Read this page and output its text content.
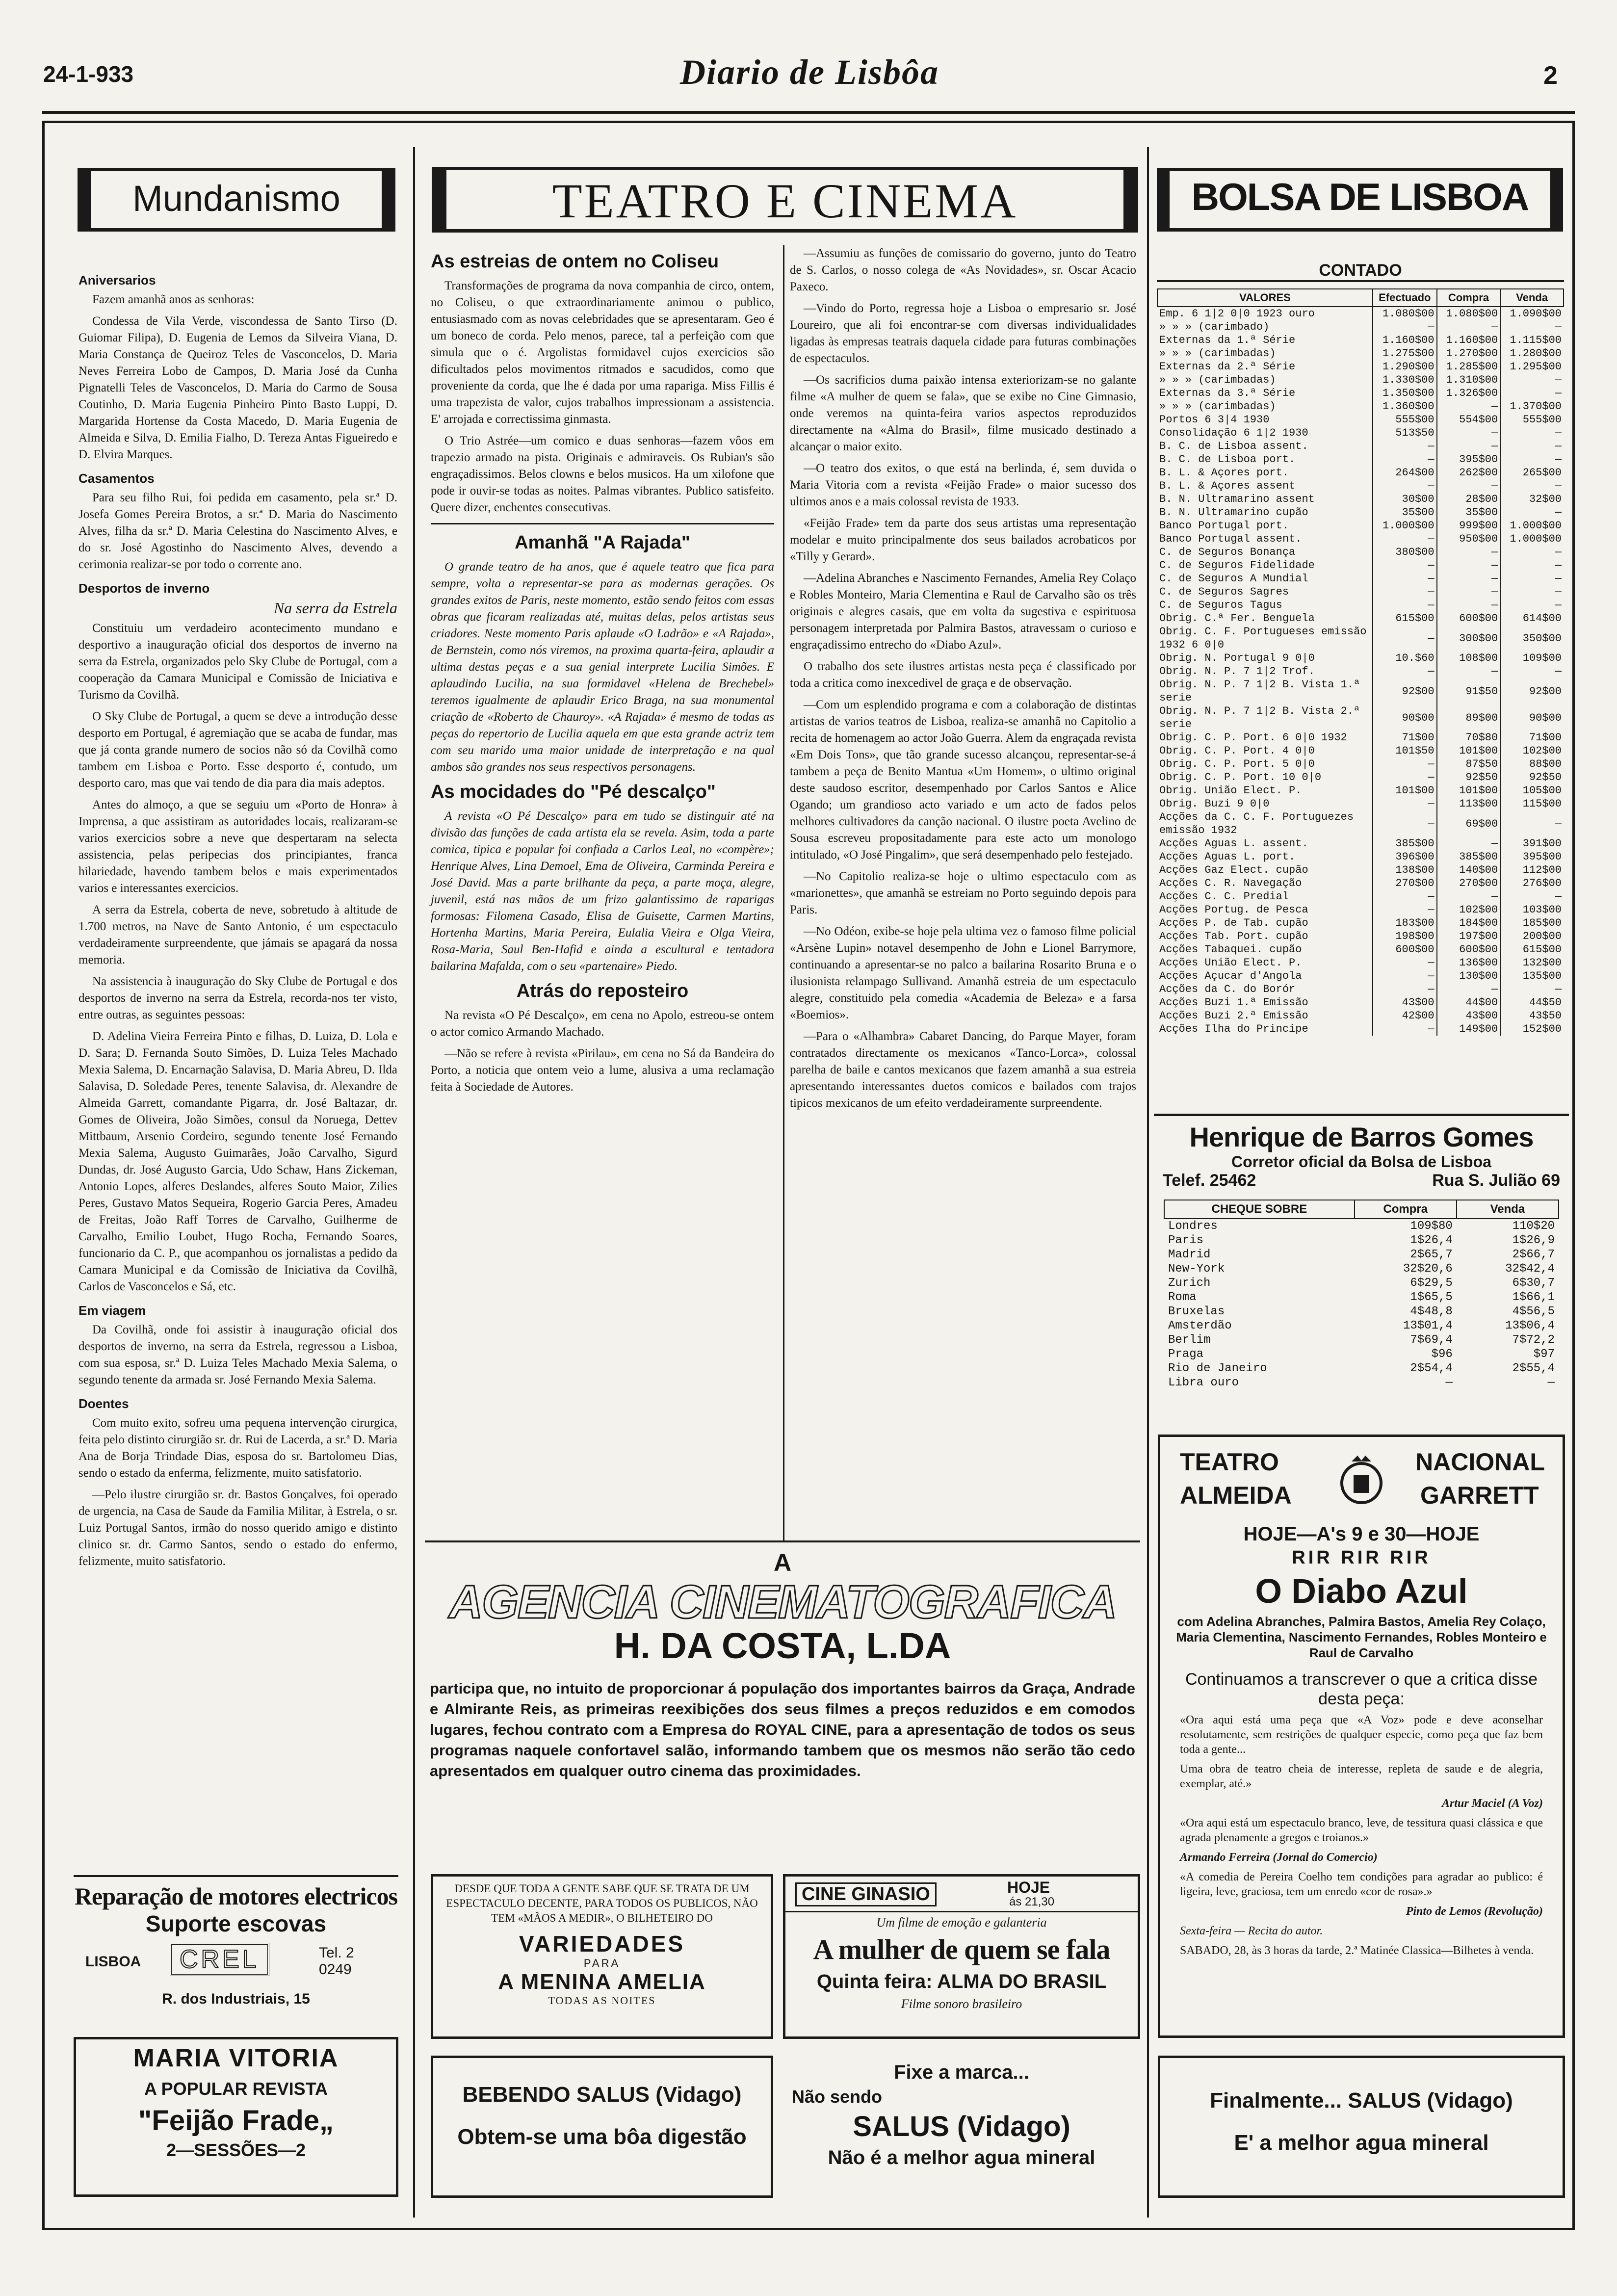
24-1-933	Diario de Lisbôa	2
Mundanismo
Aniversarios

Fazem amanhã anos as senhoras:

Condessa de Vila Verde, viscondessa de Santo Tirso (D. Guiomar Filipa), D. Eugenia de Lemos da Silveira Viana, D. Maria Constança de Queiroz Teles de Vasconcelos, D. Maria Neves Ferreira Lobo de Campos, D. Maria José da Cunha Pignatelli Teles de Vasconcelos, D. Maria do Carmo de Sousa Coutinho, D. Maria Eugenia Pinheiro Pinto Basto Luppi, D. Margarida Hortense da Costa Macedo, D. Maria Eugenia de Almeida e Silva, D. Emilia Fialho, D. Tereza Antas Figueiredo e D. Elvira Marques.

Casamentos

Para seu filho Rui, foi pedida em casamento, pela sr.ª D. Josefa Gomes Pereira Brotos, a sr.ª D. Maria do Nascimento Alves, filha da sr.ª D. Maria Celestina do Nascimento Alves, e do sr. José Agostinho do Nascimento Alves, devendo a cerimonia realizar-se por todo o corrente ano.

Desportos de inverno
Na serra da Estrela

Constituiu um verdadeiro acontecimento mundano e desportivo a inauguração oficial dos desportos de inverno na serra da Estrela, organizados pelo Sky Clube de Portugal, com a cooperação da Camara Municipal e Comissão de Iniciativa e Turismo da Covilhã.

O Sky Clube de Portugal, a quem se deve a introdução desse desporto em Portugal, é agremiação que se acaba de fundar, mas que já conta grande numero de socios não só da Covilhã como tambem em Lisboa e Porto. Esse desporto é, contudo, um desporto caro, mas que vai tendo de dia para dia mais adeptos.

Antes do almoço, a que se seguiu um «Porto de Honra» à Imprensa, a que assistiram as autoridades locais, realizaram-se varios exercicios sobre a neve que despertaram na selecta assistencia, pelas peripecias dos principiantes, franca hilariedade, havendo tambem belos e mais experimentados varios e interessantes exercicios.

A serra da Estrela, coberta de neve, sobretudo à altitude de 1.700 metros, na Nave de Santo Antonio, é um espectaculo verdadeiramente surpreendente, que jámais se apagará da nossa memoria.

Na assistencia à inauguração do Sky Clube de Portugal e dos desportos de inverno na serra da Estrela, recorda-nos ter visto, entre outras, as seguintes pessoas:

D. Adelina Vieira Ferreira Pinto e filhas, D. Luiza, D. Lola e D. Sara; D. Fernanda Souto Simões, D. Luiza Teles Machado Mexia Salema, D. Encarnação Salavisa, D. Maria Abreu, D. Ilda Salavisa, D. Soledade Peres, tenente Salavisa, dr. Alexandre de Almeida Garrett, comandante Pigarra, dr. José Baltazar, dr. Gomes de Oliveira, João Simões, consul da Noruega, Dettev Mittbaum, Arsenio Cordeiro, segundo tenente José Fernando Mexia Salema, Augusto Guimarães, João Carvalho, Sigurd Dundas, dr. José Augusto Garcia, Udo Schaw, Hans Zickeman, Antonio Lopes, alferes Deslandes, alferes Souto Maior, Zilies Peres, Gustavo Matos Sequeira, Rogerio Garcia Peres, Amadeu de Freitas, João Raff Torres de Carvalho, Guilherme de Carvalho, Emilio Loubet, Hugo Rocha, Fernando Soares, funcionario da C. P., que acompanhou os jornalistas a pedido da Camara Municipal e da Comissão de Iniciativa da Covilhã, Carlos de Vasconcelos e Sá, etc.

Em viagem

Da Covilhã, onde foi assistir à inauguração oficial dos desportos de inverno, na serra da Estrela, regressou a Lisboa, com sua esposa, sr.ª D. Luiza Teles Machado Mexia Salema, o segundo tenente da armada sr. José Fernando Mexia Salema.

Doentes

Com muito exito, sofreu uma pequena intervenção cirurgica, feita pelo distinto cirurgião sr. dr. Rui de Lacerda, a sr.ª D. Maria Ana de Borja Trindade Dias, esposa do sr. Bartolomeu Dias, sendo o estado da enferma, felizmente, muito satisfatorio.

—Pelo ilustre cirurgião sr. dr. Bastos Gonçalves, foi operado de urgencia, na Casa de Saude da Familia Militar, à Estrela, o sr. Luiz Portugal Santos, irmão do nosso querido amigo e distinto clinico sr. dr. Carmo Santos, sendo o estado do enfermo, felizmente, muito satisfatorio.

Reparação de motores electricos
Suporte escovas
LISBOA	CREL	Tel. 2 0249
R. dos Industriais, 15
MARIA VITORIA
A POPULAR REVISTA
"Feijão Frade„
2—SESSÕES—2
TEATRO E CINEMA
As estreias de ontem no Coliseu

Transformações de programa da nova companhia de circo, ontem, no Coliseu, o que extraordinariamente animou o publico, entusiasmado com as novas celebridades que se apresentaram. Geo é um boneco de corda. Pelo menos, parece, tal a perfeição com que simula que o é. Argolistas formidavel cujos exercicios são dificultados pelos movimentos ritmados e sacudidos, como que proveniente da corda, que lhe é dada por uma rapariga. Miss Fillis é uma trapezista de valor, cujos trabalhos impressionam a assistencia. E' arrojada e correctissima ginmasta.

O Trio Astrée—um comico e duas senhoras—fazem vôos em trapezio armado na pista. Originais e admiraveis. Os Rubian's são engraçadissimos. Belos clowns e belos musicos. Ha um xilofone que pode ir ouvir-se todas as noites. Palmas vibrantes. Publico satisfeito. Quere dizer, enchentes consecutivas.

Amanhã "A Rajada"

O grande teatro de ha anos, que é aquele teatro que fica para sempre, volta a representar-se para as modernas gerações. Os grandes exitos de Paris, neste momento, estão sendo feitos com essas obras que ficaram realizadas até, muitas delas, pelos artistas seus criadores. Neste momento Paris aplaude «O Ladrão» e «A Rajada», de Bernstein, como nós viremos, na proxima quarta-feira, aplaudir a ultima destas peças e a sua genial interprete Lucilia Simões. E aplaudindo Lucilia, na sua formidavel «Helena de Brechebel» teremos igualmente de aplaudir Erico Braga, na sua monumental criação de «Roberto de Chauroy». «A Rajada» é mesmo de todas as peças do repertorio de Lucilia aquela em que esta grande actriz tem com seu marido uma maior unidade de interpretação e na qual ambos são grandes nos seus respectivos personagens.

As mocidades do "Pé descalço"

A revista «O Pé Descalço» para em tudo se distinguir até na divisão das funções de cada artista ela se revela. Asim, toda a parte comica, tipica e popular foi confiada a Carlos Leal, no «compère»; Henrique Alves, Lina Demoel, Ema de Oliveira, Carminda Pereira e José David. Mas a parte brilhante da peça, a parte moça, alegre, juvenil, está nas mãos de um frizo galantissimo de raparigas formosas: Filomena Casado, Elisa de Guisette, Carmen Martins, Hortenha Martins, Maria Pereira, Eulalia Vieira e Olga Vieira, Rosa-Maria, Saul Ben-Hafid e ainda a escultural e tentadora bailarina Mafalda, com o seu «partenaire» Piedo.

Atrás do reposteiro

Na revista «O Pé Descalço», em cena no Apolo, estreou-se ontem o actor comico Armando Machado.

—Não se refere à revista «Pirilau», em cena no Sá da Bandeira do Porto, a noticia que ontem veio a lume, alusiva a uma reclamação feita à Sociedade de Autores.

—Assumiu as funções de comissario do governo, junto do Teatro de S. Carlos, o nosso colega de «As Novidades», sr. Oscar Acacio Paxeco.

—Vindo do Porto, regressa hoje a Lisboa o empresario sr. José Loureiro, que ali foi encontrar-se com diversas individualidades ligadas às empresas teatrais daquela cidade para futuras combinações de espectaculos.

—Os sacrificios duma paixão intensa exteriorizam-se no galante filme «A mulher de quem se fala», que se exibe no Cine Gimnasio, onde veremos na quinta-feira varios aspectos reproduzidos directamente na «Alma do Brasil», filme musicado destinado a alcançar o maior exito.

—O teatro dos exitos, o que está na berlinda, é, sem duvida o Maria Vitoria com a revista «Feijão Frade» o maior sucesso dos ultimos anos e a mais colossal revista de 1933.

«Feijão Frade» tem da parte dos seus artistas uma representação modelar e muito principalmente dos seus bailados acrobaticos por «Tilly y Gerard».

—Adelina Abranches e Nascimento Fernandes, Amelia Rey Colaço e Robles Monteiro, Maria Clementina e Raul de Carvalho são os três originais e alegres casais, que em volta da sugestiva e espirituosa personagem interpretada por Palmira Bastos, atravessam o curioso e engraçadissimo entrecho do «Diabo Azul».

O trabalho dos sete ilustres artistas nesta peça é classificado por toda a critica como inexcedivel de graça e de observação.

—Com um esplendido programa e com a colaboração de distintas artistas de varios teatros de Lisboa, realiza-se amanhã no Capitolio a recita de homenagem ao actor João Guerra. Alem da engraçada revista «Em Dois Tons», que tão grande sucesso alcançou, representar-se-á tambem a peça de Benito Mantua «Um Homem», o ultimo original deste saudoso escritor, desempenhado por Carlos Santos e Alice Ogando; um grandioso acto variado e um acto de fados pelos melhores cultivadores da canção nacional. O ilustre poeta Avelino de Sousa escreveu propositadamente para este acto um monologo intitulado, «O José Pingalim», que será desempenhado pelo festejado.

—No Capitolio realiza-se hoje o ultimo espectaculo com as «marionettes», que amanhã se estreiam no Porto seguindo depois para Paris.

—No Odéon, exibe-se hoje pela ultima vez o famoso filme policial «Arsène Lupin» notavel desempenho de John e Lionel Barrymore, continuando a apresentar-se no palco a bailarina Rosarito Bruna e o ilusionista relampago Sullivand. Amanhã estreia de um espectaculo alegre, constituido pela comedia «Academia de Beleza» e a farsa «Boemios».

—Para o «Alhambra» Cabaret Dancing, do Parque Mayer, foram contratados directamente os mexicanos «Tanco-Lorca», colossal parelha de baile e cantos mexicanos que fazem amanhã a sua estreia apresentando interessantes duetos comicos e bailados com trajos tipicos mexicanos de um efeito verdadeiramente surpreendente.

A
AGENCIA CINEMATOGRAFICA
H. DA COSTA, L.DA
participa que, no intuito de proporcionar á população dos importantes bairros da Graça, Andrade e Almirante Reis, as primeiras reexibições dos seus filmes a preços reduzidos e em comodos lugares, fechou contrato com a Empresa do ROYAL CINE, para a apresentação de todos os seus programas naquele confortavel salão, informando tambem que os mesmos não serão tão cedo apresentados em qualquer outro cinema das proximidades.
DESDE QUE TODA A GENTE SABE QUE SE TRATA DE UM ESPECTACULO DECENTE, PARA TODOS OS PUBLICOS, NÃO TEM «MÃOS A MEDIR», O BILHETEIRO DO
VARIEDADES
PARA
A MENINA AMELIA
TODAS AS NOITES
CINE GINASIO	HOJE
ás 21,30
Um filme de emoção e galanteria
A mulher de quem se fala
Quinta feira: ALMA DO BRASIL
Filme sonoro brasileiro
BEBENDO SALUS (Vidago)
Obtem-se uma bôa digestão
Fixe a marca...
Não sendo
SALUS (Vidago)
Não é a melhor agua mineral
BOLSA DE LISBOA
CONTADO
VALORES	Efectuado	Compra	Venda
Emp. 6 1|2 0|0 1923 ouro	1.080$00	1.080$00	1.090$00
» » » (carimbado)	—	—	—
Externas da 1.ª Série	1.160$00	1.160$00	1.115$00
» » » (carimbadas)	1.275$00	1.270$00	1.280$00
Externas da 2.ª Série	1.290$00	1.285$00	1.295$00
» » » (carimbadas)	1.330$00	1.310$00	—
Externas da 3.ª Série	1.350$00	1.326$00	—
» » » (carimbadas)	1.360$00	—	1.370$00
Portos 6 3|4 1930	555$00	554$00	555$00
Consolidação 6 1|2 1930	513$50	—	—
B. C. de Lisboa assent.	—	—	—
B. C. de Lisboa port.	—	395$00	—
B. L. & Açores port.	264$00	262$00	265$00
B. L. & Açores assent	—	—	—
B. N. Ultramarino assent	30$00	28$00	32$00
B. N. Ultramarino cupão	35$00	35$00	—
Banco Portugal port.	1.000$00	999$00	1.000$00
Banco Portugal assent.	—	950$00	1.000$00
C. de Seguros Bonança	380$00	—	—
C. de Seguros Fidelidade	—	—	—
C. de Seguros A Mundial	—	—	—
C. de Seguros Sagres	—	—	—
C. de Seguros Tagus	—	—	—
Obrig. C.ª Fer. Benguela	615$00	600$00	614$00
Obrig. C. F. Portugueses emissão 1932 6 0|0	—	300$00	350$00
Obrig. N. Portugal 9 0|0	10.$60	108$00	109$00
Obrig. N. P. 7 1|2 Trof.	—	—	—
Obrig. N. P. 7 1|2 B. Vista 1.ª serie	92$00	91$50	92$00
Obrig. N. P. 7 1|2 B. Vista 2.ª serie	90$00	89$00	90$00
Obrig. C. P. Port. 6 0|0 1932	71$00	70$80	71$00
Obrig. C. P. Port. 4 0|0	101$50	101$00	102$00
Obrig. C. P. Port. 5 0|0	—	87$50	88$00
Obrig. C. P. Port. 10 0|0	—	92$50	92$50
Obrig. União Elect. P.	101$00	101$00	105$00
Obrig. Buzi 9 0|0	—	113$00	115$00
Acções da C. C. F. Portuguezes emissão 1932	—	69$00	—
Acções Aguas L. assent.	385$00	—	391$00
Acções Aguas L. port.	396$00	385$00	395$00
Acções Gaz Elect. cupão	138$00	140$00	112$00
Acções C. R. Navegação	270$00	270$00	276$00
Acções C. C. Predial	—	—	—
Acções Portug. de Pesca	—	102$00	103$00
Acções P. de Tab. cupão	183$00	184$00	185$00
Acções Tab. Port. cupão	198$00	197$00	200$00
Acções Tabaquei. cupão	600$00	600$00	615$00
Acções União Elect. P.	—	136$00	132$00
Acções Açucar d'Angola	—	130$00	135$00
Acções da C. do Borór	—	—	—
Acções Buzi 1.ª Emissão	43$00	44$00	44$50
Acções Buzi 2.ª Emissão	42$00	43$00	43$50
Acções Ilha do Principe	—	149$00	152$00
Henrique de Barros Gomes
Corretor oficial da Bolsa de Lisboa
Telef. 25462	Rua S. Julião 69
CHEQUE SOBRE	Compra	Venda
Londres	109$80	110$20
Paris	1$26,4	1$26,9
Madrid	2$65,7	2$66,7
New-York	32$20,6	32$42,4
Zurich	6$29,5	6$30,7
Roma	1$65,5	1$66,1
Bruxelas	4$48,8	4$56,5
Amsterdão	13$01,4	13$06,4
Berlim	7$69,4	7$72,2
Praga	$96	$97
Rio de Janeiro	2$54,4	2$55,4
Libra ouro	—	—
TEATRO
ALMEIDA
NACIONAL
GARRETT
HOJE—A's 9 e 30—HOJE
RIR RIR RIR
O Diabo Azul
com Adelina Abranches, Palmira Bastos, Amelia Rey Colaço, Maria Clementina, Nascimento Fernandes, Robles Monteiro e Raul de Carvalho
Continuamos a transcrever o que a critica disse desta peça:

«Ora aqui está uma peça que «A Voz» pode e deve aconselhar resolutamente, sem restrições de qualquer especie, como peça que faz bem toda a gente...

Uma obra de teatro cheia de interesse, repleta de saude e de alegria, exemplar, até.»

Artur Maciel (A Voz)

«Ora aqui está um espectaculo branco, leve, de tessitura quasi clássica e que agrada plenamente a gregos e troianos.»

Armando Ferreira (Jornal do Comercio)

«A comedia de Pereira Coelho tem condições para agradar ao publico: é ligeira, leve, graciosa, tem um enredo «cor de rosa».»

Pinto de Lemos (Revolução)

Sexta-feira — Recita do autor.

SABADO, 28, às 3 horas da tarde, 2.ª Matinée Classica—Bilhetes à venda.

Finalmente... SALUS (Vidago)
E' a melhor agua mineral
